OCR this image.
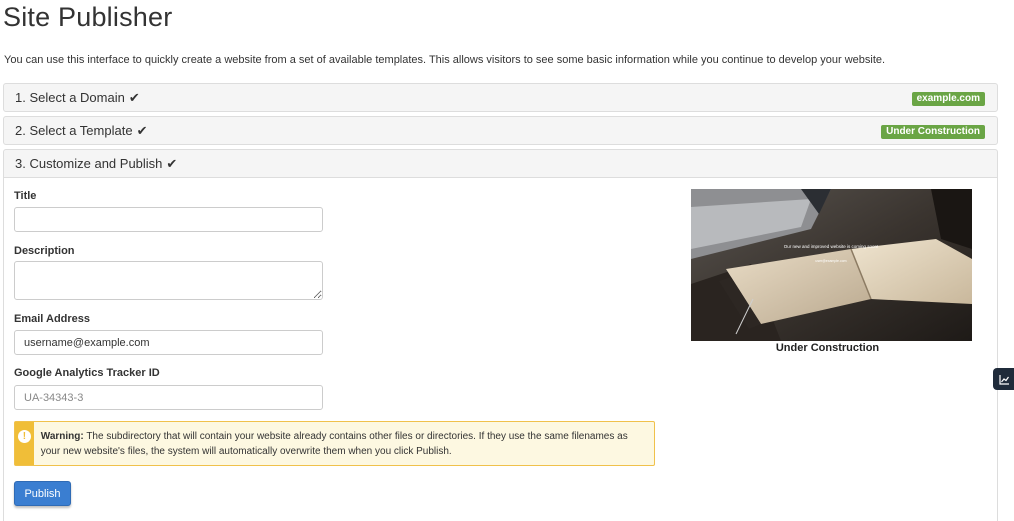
Site Publisher
You can use this interface to quickly create a website from a set of available templates. This allows visitors to see some basic information while you continue to develop your website.
1. Select a Domain ✔	example.com
2. Select a Template ✔	Under Construction
3. Customize and Publish ✔
Title
Description
Email Address
username@example.com
Google Analytics Tracker ID
UA-34343-3
!	Warning: The subdirectory that will contain your website already contains other files or directories. If they use the same filenames as your new website's files, the system will automatically overwrite them when you click Publish.
Publish
Our new and improved website is coming soon!
user@example.com
Under Construction
